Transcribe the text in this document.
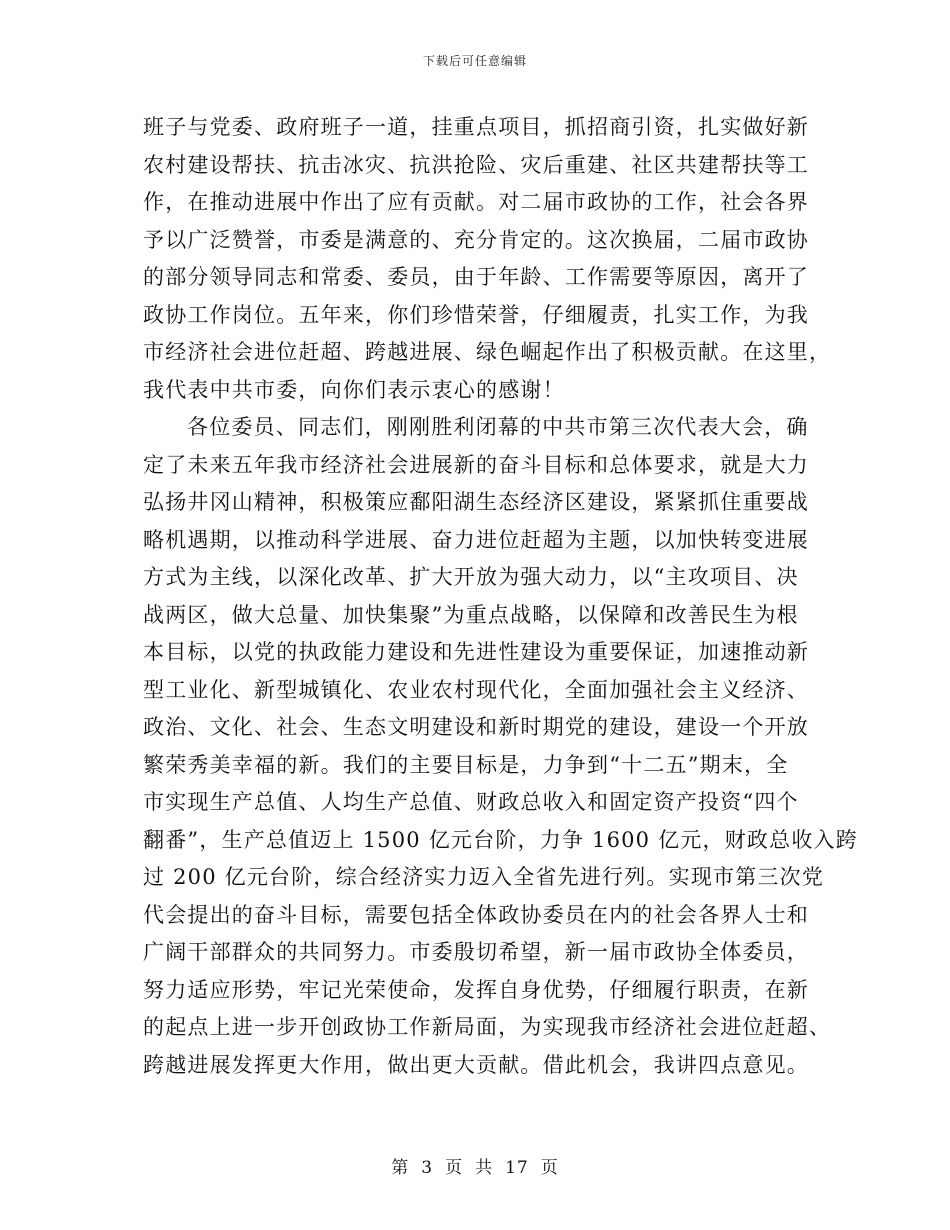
下载后可任意编辑

班子与党委、政府班子一道，挂重点项目，抓招商引资，扎实做好新
农村建设帮扶、抗击冰灾、抗洪抢险、灾后重建、社区共建帮扶等工
作，在推动进展中作出了应有贡献。对二届市政协的工作，社会各界
予以广泛赞誉，市委是满意的、充分肯定的。这次换届，二届市政协
的部分领导同志和常委、委员，由于年龄、工作需要等原因，离开了
政协工作岗位。五年来，你们珍惜荣誉，仔细履责，扎实工作，为我
市经济社会进位赶超、跨越进展、绿色崛起作出了积极贡献。在这里，
我代表中共市委，向你们表示衷心的感谢！

各位委员、同志们，刚刚胜利闭幕的中共市第三次代表大会，确
定了未来五年我市经济社会进展新的奋斗目标和总体要求，就是大力
弘扬井冈山精神，积极策应鄱阳湖生态经济区建设，紧紧抓住重要战
略机遇期，以推动科学进展、奋力进位赶超为主题，以加快转变进展
方式为主线，以深化改革、扩大开放为强大动力，以“主攻项目、决
战两区，做大总量、加快集聚”为重点战略，以保障和改善民生为根
本目标，以党的执政能力建设和先进性建设为重要保证，加速推动新
型工业化、新型城镇化、农业农村现代化，全面加强社会主义经济、
政治、文化、社会、生态文明建设和新时期党的建设，建设一个开放
繁荣秀美幸福的新。我们的主要目标是，力争到“十二五”期末，全
市实现生产总值、人均生产总值、财政总收入和固定资产投资“四个
翻番”，生产总值迈上 1500 亿元台阶，力争 1600 亿元，财政总收入跨
过 200 亿元台阶，综合经济实力迈入全省先进行列。实现市第三次党
代会提出的奋斗目标，需要包括全体政协委员在内的社会各界人士和
广阔干部群众的共同努力。市委殷切希望，新一届市政协全体委员，
努力适应形势，牢记光荣使命，发挥自身优势，仔细履行职责，在新
的起点上进一步开创政协工作新局面，为实现我市经济社会进位赶超、
跨越进展发挥更大作用，做出更大贡献。借此机会，我讲四点意见。

第 3 页 共 17 页
